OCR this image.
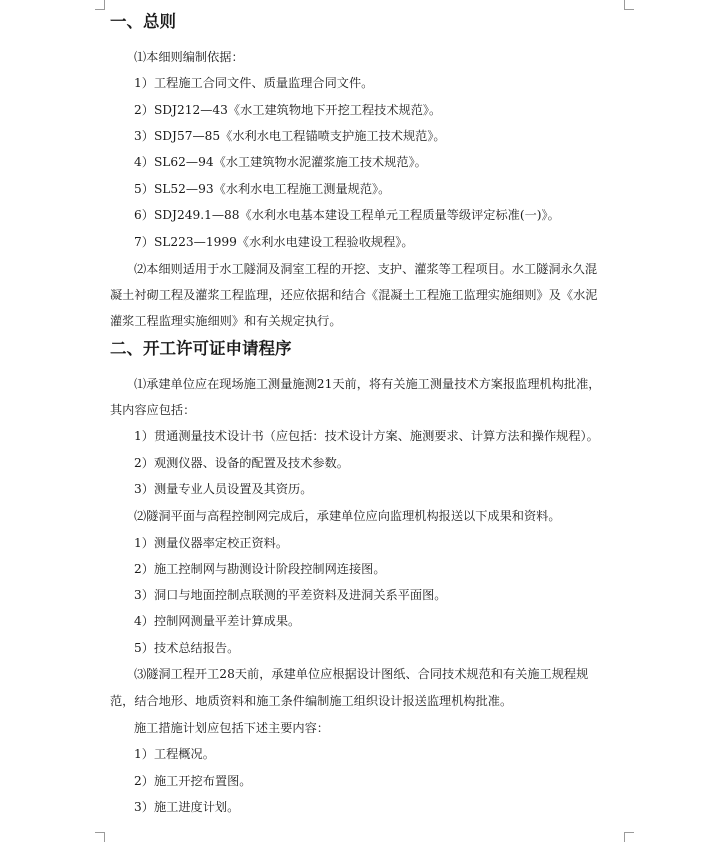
一、总则
⑴本细则编制依据：
1）工程施工合同文件、质量监理合同文件。
2）SDJ212—43《水工建筑物地下开挖工程技术规范》。
3）SDJ57—85《水利水电工程锚喷支护施工技术规范》。
4）SL62—94《水工建筑物水泥灌浆施工技术规范》。
5）SL52—93《水利水电工程施工测量规范》。
6）SDJ249.1—88《水利水电基本建设工程单元工程质量等级评定标准(一)》。
7）SL223—1999《水利水电建设工程验收规程》。
⑵本细则适用于水工隧洞及洞室工程的开挖、支护、灌浆等工程项目。水工隧洞永久混
凝土衬砌工程及灌浆工程监理，还应依据和结合《混凝土工程施工监理实施细则》及《水泥
灌浆工程监理实施细则》和有关规定执行。
二、开工许可证申请程序
⑴承建单位应在现场施工测量施测21天前，将有关施工测量技术方案报监理机构批准，
其内容应包括：
1）贯通测量技术设计书（应包括：技术设计方案、施测要求、计算方法和操作规程）。
2）观测仪器、设备的配置及技术参数。
3）测量专业人员设置及其资历。
⑵隧洞平面与高程控制网完成后，承建单位应向监理机构报送以下成果和资料。
1）测量仪器率定校正资料。
2）施工控制网与勘测设计阶段控制网连接图。
3）洞口与地面控制点联测的平差资料及进洞关系平面图。
4）控制网测量平差计算成果。
5）技术总结报告。
⑶隧洞工程开工28天前，承建单位应根据设计图纸、合同技术规范和有关施工规程规
范，结合地形、地质资料和施工条件编制施工组织设计报送监理机构批准。
施工措施计划应包括下述主要内容：
1）工程概况。
2）施工开挖布置图。
3）施工进度计划。
